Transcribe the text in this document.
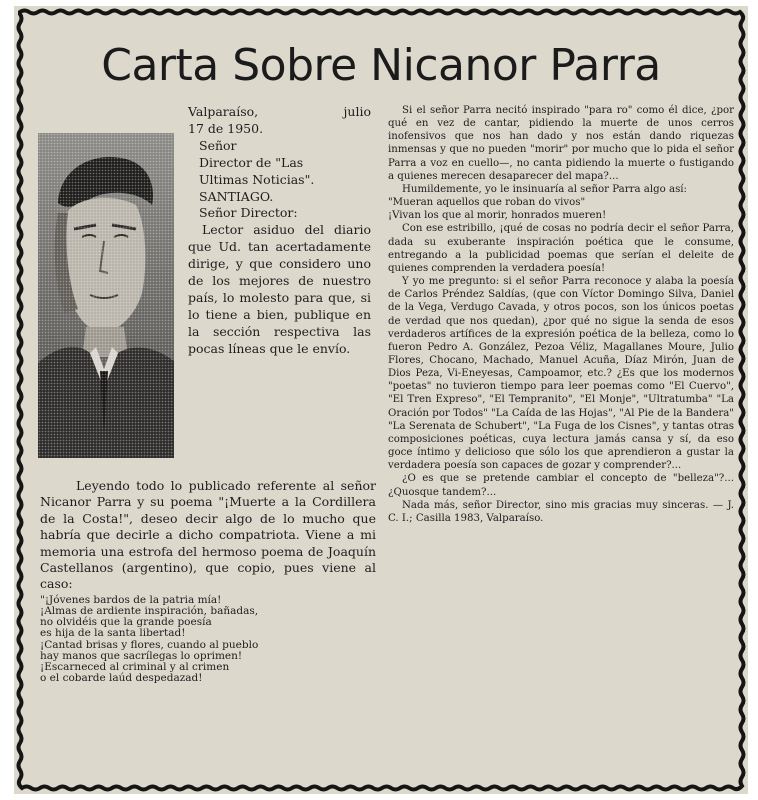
Carta Sobre Nicanor Parra
Valparaíso, julio
17 de 1950.
Señor
Director de "Las
Ultimas Noticias".
SANTIAGO.
Señor Director:

Lector asiduo del diario que Ud. tan acertadamente dirige, y que considero uno de los mejores de nuestro país, lo molesto para que, si lo tiene a bien, publique en la sección respectiva las pocas líneas que le envío.

Leyendo todo lo publicado referente al señor Nicanor Parra y su poema "¡Muerte a la Cordillera de la Costa!", deseo decir algo de lo mucho que habría que decirle a dicho compatriota. Viene a mi memoria una estrofa del hermoso poema de Joaquín Castellanos (argentino), que copio, pues viene al caso:

"¡Jóvenes bardos de la patria mía!
¡Almas de ardiente inspiración, bañadas,
no olvidéis que la grande poesía
es hija de la santa libertad!
¡Cantad brisas y flores, cuando al pueblo
hay manos que sacrílegas lo oprimen!
¡Escarneced al criminal y al crimen
o el cobarde laúd despedazad!

Si el señor Parra necitó inspirado "para ro" como él dice, ¿por qué en vez de cantar, pidiendo la muerte de unos cerros inofensivos que nos han dado y nos están dando riquezas inmensas y que no pueden "morir" por mucho que lo pida el señor Parra a voz en cuello—, no canta pidiendo la muerte o fustigando a quienes merecen desaparecer del mapa?...

Humildemente, yo le insinuaría al señor Parra algo así:

"Mueran aquellos que roban do vivos"

¡Vivan los que al morir, honrados mueren!

Con ese estribillo, ¡qué de cosas no podría decir el señor Parra, dada su exuberante inspiración poética que le consume, entregando a la publicidad poemas que serían el deleite de quienes comprenden la verdadera poesía!

Y yo me pregunto: si el señor Parra reconoce y alaba la poesía de Carlos Préndez Saldías, (que con Víctor Domingo Silva, Daniel de la Vega, Verdugo Cavada, y otros pocos, son los únicos poetas de verdad que nos quedan), ¿por qué no sigue la senda de esos verdaderos artífices de la expresión poética de la belleza, como lo fueron Pedro A. González, Pezoa Véliz, Magallanes Moure, Julio Flores, Chocano, Machado, Manuel Acuña, Díaz Mirón, Juan de Dios Peza, Vi-Eneyesas, Campoamor, etc.? ¿Es que los modernos "poetas" no tuvieron tiempo para leer poemas como "El Cuervo", "El Tren Expreso", "El Tempranito", "El Monje", "Ultratumba" "La Oración por Todos" "La Caída de las Hojas", "Al Pie de la Bandera" "La Serenata de Schubert", "La Fuga de los Cisnes", y tantas otras composiciones poéticas, cuya lectura jamás cansa y sí, da eso goce íntimo y delicioso que sólo los que aprendieron a gustar la verdadera poesía son capaces de gozar y comprender?...

¿O es que se pretende cambiar el concepto de "belleza"?... ¿Quosque tandem?...

Nada más, señor Director, sino mis gracias muy sinceras. — J. C. I.; Casilla 1983, Valparaíso.
